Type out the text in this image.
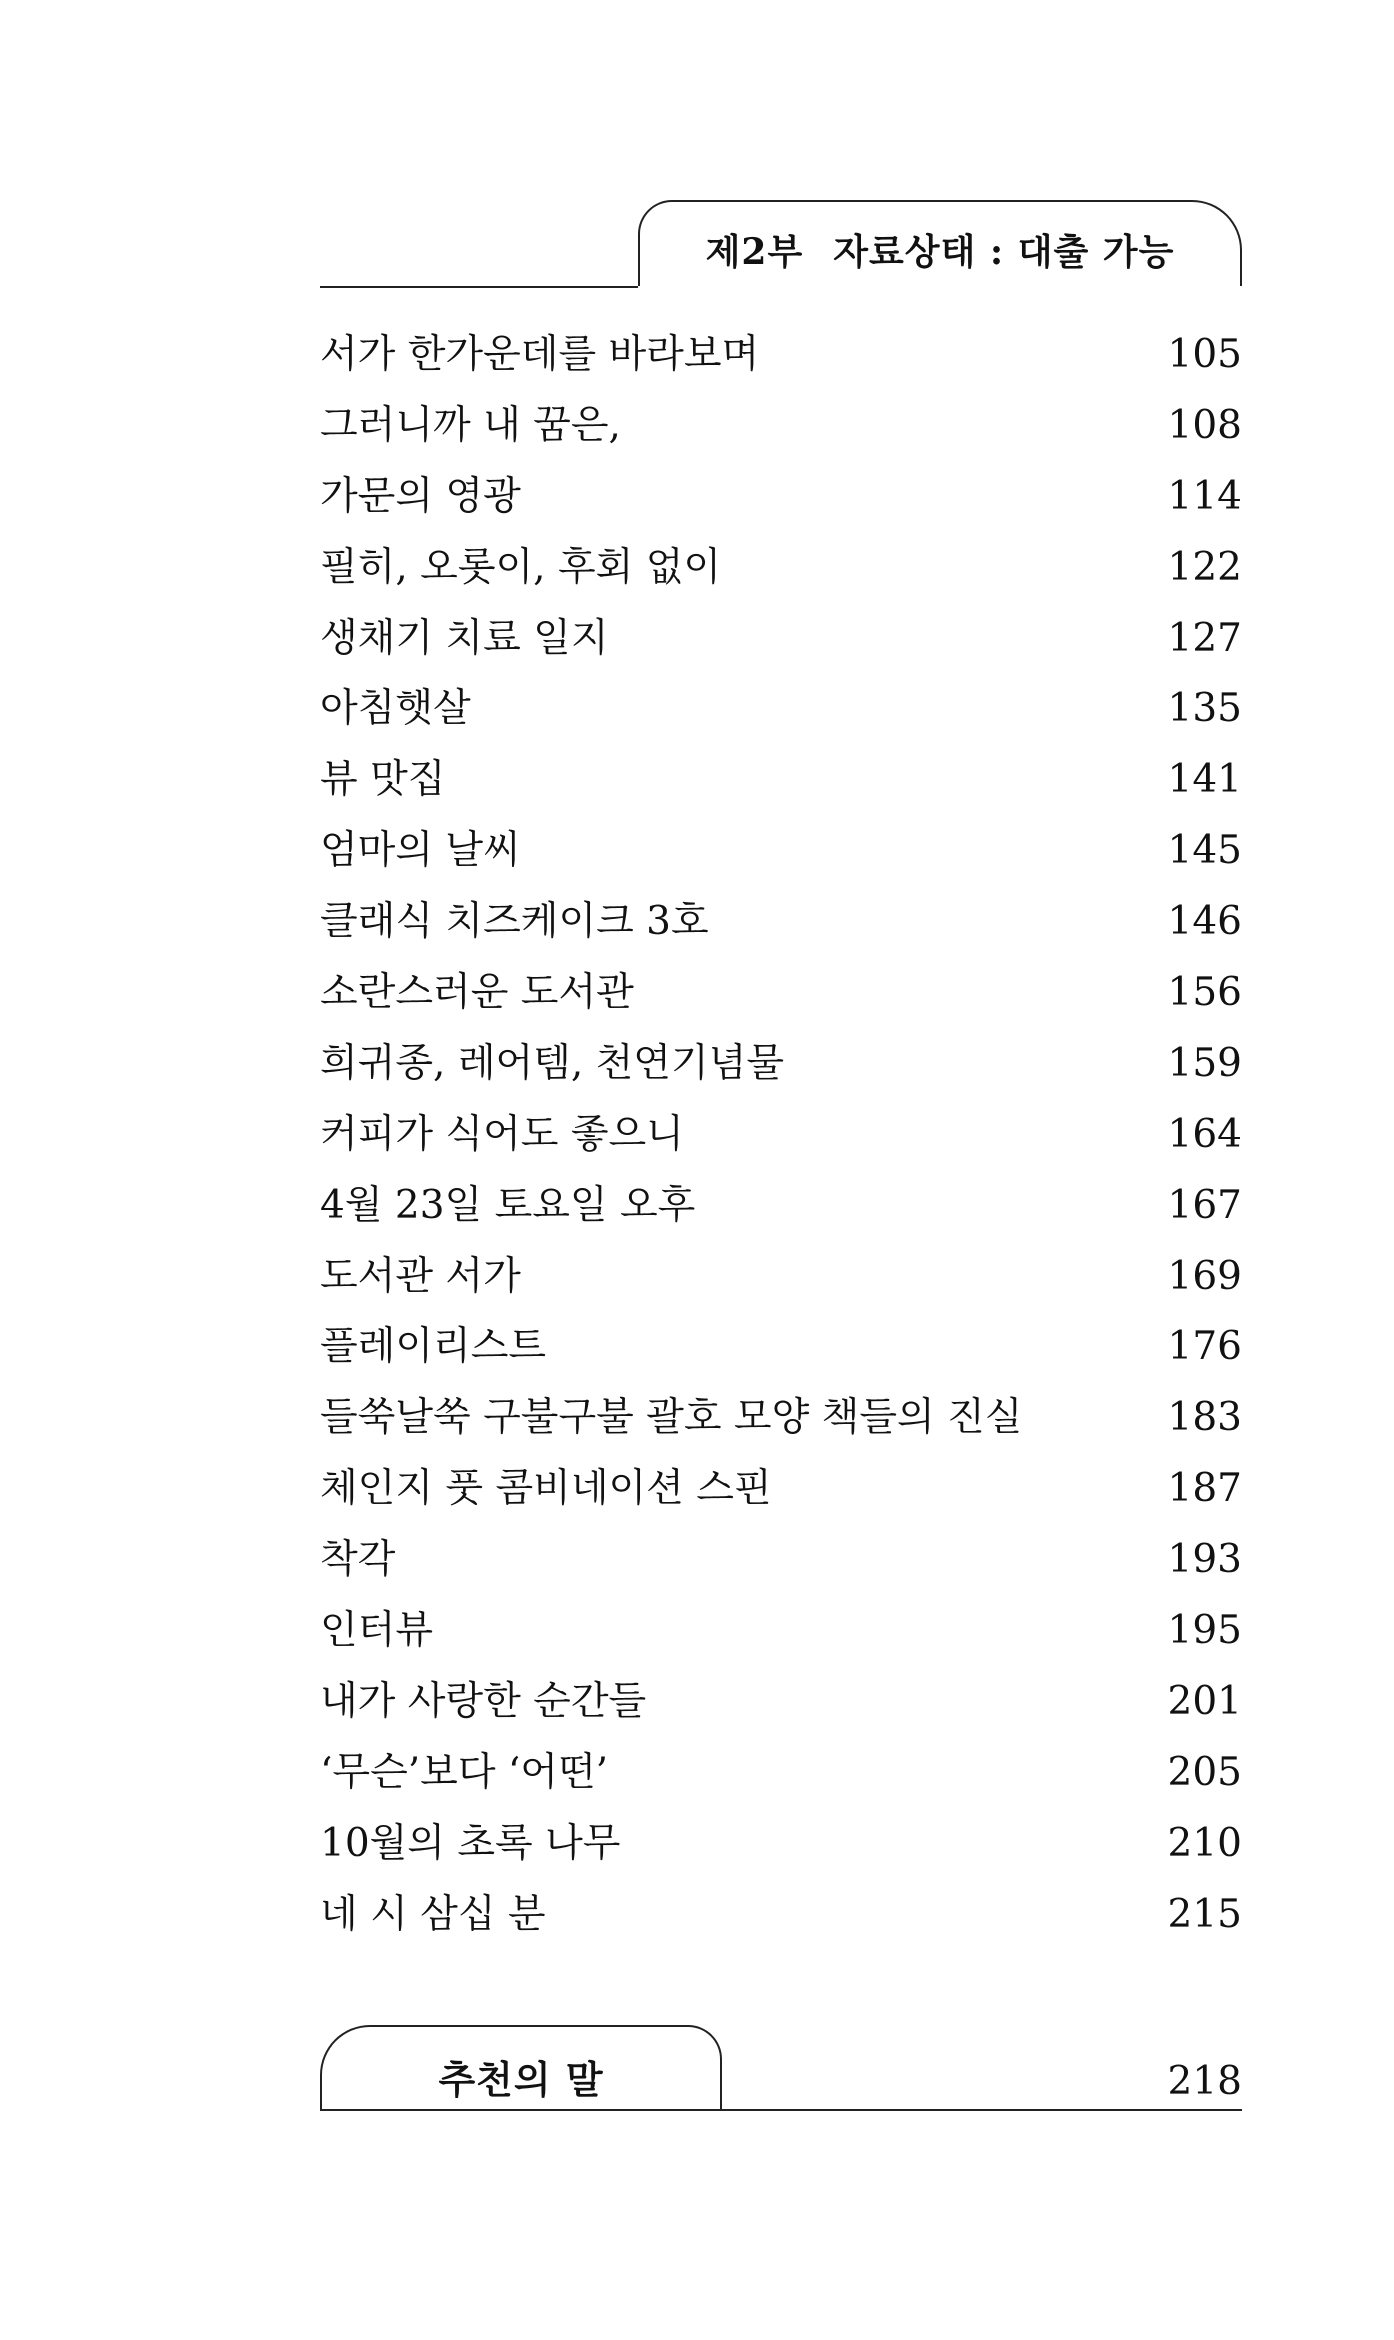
제2부 자료상태 : 대출 가능
서가 한가운데를 바라보며	105
그러니까 내 꿈은,	108
가문의 영광	114
필히, 오롯이, 후회 없이	122
생채기 치료 일지	127
아침햇살	135
뷰 맛집	141
엄마의 날씨	145
클래식 치즈케이크 3호	146
소란스러운 도서관	156
희귀종, 레어템, 천연기념물	159
커피가 식어도 좋으니	164
4월 23일 토요일 오후	167
도서관 서가	169
플레이리스트	176
들쑥날쑥 구불구불 괄호 모양 책들의 진실	183
체인지 풋 콤비네이션 스핀	187
착각	193
인터뷰	195
내가 사랑한 순간들	201
‘무슨’보다 ‘어떤’	205
10월의 초록 나무	210
네 시 삼십 분	215
추천의 말	218
